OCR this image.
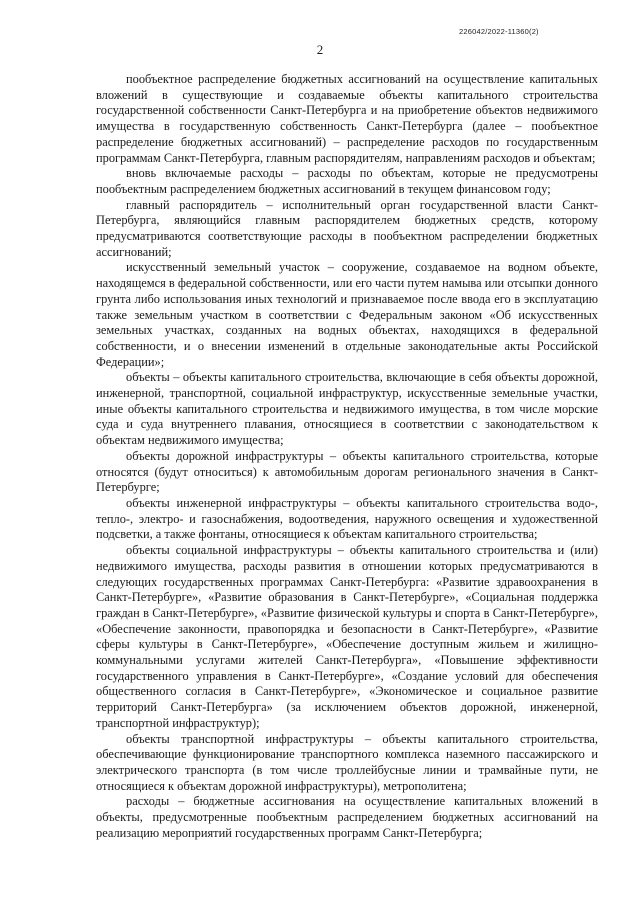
226042/2022-11360(2)
2

пообъектное распределение бюджетных ассигнований на осуществление капитальных вложений в существующие и создаваемые объекты капитального строительства государственной собственности Санкт-Петербурга и на приобретение объектов недвижимого имущества в государственную собственность Санкт-Петербурга (далее – пообъектное распределение бюджетных ассигнований) – распределение расходов по государственным программам Санкт-Петербурга, главным распорядителям, направлениям расходов и объектам;

вновь включаемые расходы – расходы по объектам, которые не предусмотрены пообъектным распределением бюджетных ассигнований в текущем финансовом году;

главный распорядитель – исполнительный орган государственной власти Санкт-Петербурга, являющийся главным распорядителем бюджетных средств, которому предусматриваются соответствующие расходы в пообъектном распределении бюджетных ассигнований;

искусственный земельный участок – сооружение, создаваемое на водном объекте, находящемся в федеральной собственности, или его части путем намыва или отсыпки донного грунта либо использования иных технологий и признаваемое после ввода его в эксплуатацию также земельным участком в соответствии с Федеральным законом «Об искусственных земельных участках, созданных на водных объектах, находящихся в федеральной собственности, и о внесении изменений в отдельные законодательные акты Российской Федерации»;

объекты – объекты капитального строительства, включающие в себя объекты дорожной, инженерной, транспортной, социальной инфраструктур, искусственные земельные участки, иные объекты капитального строительства и недвижимого имущества, в том числе морские суда и суда внутреннего плавания, относящиеся в соответствии с законодательством к объектам недвижимого имущества;

объекты дорожной инфраструктуры – объекты капитального строительства, которые относятся (будут относиться) к автомобильным дорогам регионального значения в Санкт-Петербурге;

объекты инженерной инфраструктуры – объекты капитального строительства водо-, тепло-, электро- и газоснабжения, водоотведения, наружного освещения и художественной подсветки, а также фонтаны, относящиеся к объектам капитального строительства;

объекты социальной инфраструктуры – объекты капитального строительства и (или) недвижимого имущества, расходы развития в отношении которых предусматриваются в следующих государственных программах Санкт-Петербурга: «Развитие здравоохранения в Санкт-Петербурге», «Развитие образования в Санкт-Петербурге», «Социальная поддержка граждан в Санкт-Петербурге», «Развитие физической культуры и спорта в Санкт-Петербурге», «Обеспечение законности, правопорядка и безопасности в Санкт-Петербурге», «Развитие сферы культуры в Санкт-Петербурге», «Обеспечение доступным жильем и жилищно-коммунальными услугами жителей Санкт-Петербурга», «Повышение эффективности государственного управления в Санкт-Петербурге», «Создание условий для обеспечения общественного согласия в Санкт-Петербурге», «Экономическое и социальное развитие территорий Санкт-Петербурга» (за исключением объектов дорожной, инженерной, транспортной инфраструктур);

объекты транспортной инфраструктуры – объекты капитального строительства, обеспечивающие функционирование транспортного комплекса наземного пассажирского и электрического транспорта (в том числе троллейбусные линии и трамвайные пути, не относящиеся к объектам дорожной инфраструктуры), метрополитена;

расходы – бюджетные ассигнования на осуществление капитальных вложений в объекты, предусмотренные пообъектным распределением бюджетных ассигнований на реализацию мероприятий государственных программ Санкт-Петербурга;
